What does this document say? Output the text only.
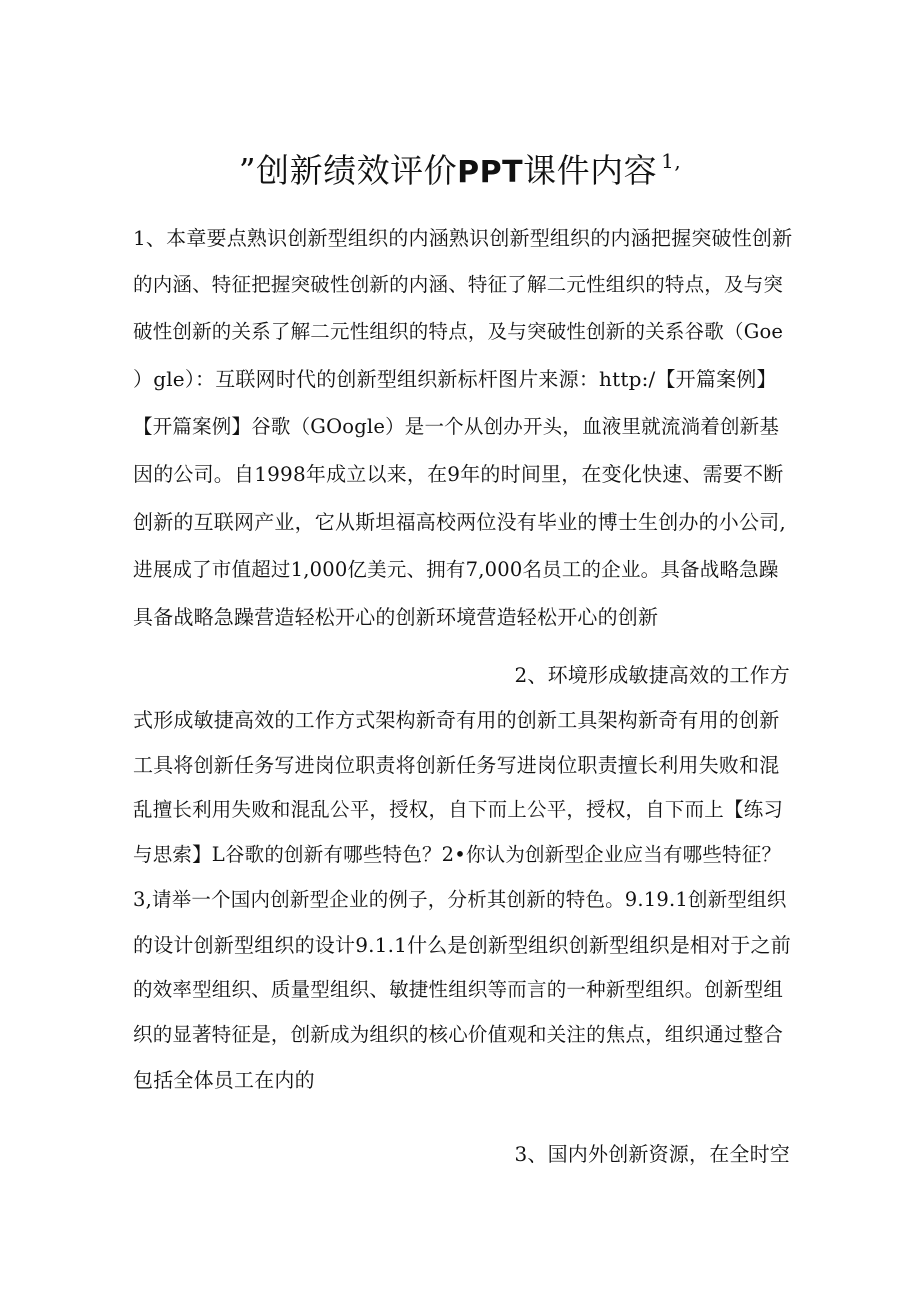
”创新绩效评价PPT课件内容 $^{1,}$
1、本章要点熟识创新型组织的内涵熟识创新型组织的内涵把握突破性创新
的内涵、特征把握突破性创新的内涵、特征了解二元性组织的特点，及与突
破性创新的关系了解二元性组织的特点，及与突破性创新的关系谷歌（Goe
）gle）：互联网时代的创新型组织新标杆图片来源：http:/【开篇案例】
【开篇案例】谷歌（GOogle）是一个从创办开头，血液里就流淌着创新基
因的公司。自1998年成立以来，在9年的时间里，在变化快速、需要不断
创新的互联网产业，它从斯坦福高校两位没有毕业的博士生创办的小公司,
进展成了市值超过1,000亿美元、拥有7,000名员工的企业。具备战略急躁
具备战略急躁营造轻松开心的创新环境营造轻松开心的创新
2、环境形成敏捷高效的工作方
式形成敏捷高效的工作方式架构新奇有用的创新工具架构新奇有用的创新
工具将创新任务写进岗位职责将创新任务写进岗位职责擅长利用失败和混
乱擅长利用失败和混乱公平，授权，自下而上公平，授权，自下而上【练习
与思索】L谷歌的创新有哪些特色？2•你认为创新型企业应当有哪些特征？
3,请举一个国内创新型企业的例子，分析其创新的特色。9.19.1创新型组织
的设计创新型组织的设计9.1.1什么是创新型组织创新型组织是相对于之前
的效率型组织、质量型组织、敏捷性组织等而言的一种新型组织。创新型组
织的显著特征是，创新成为组织的核心价值观和关注的焦点，组织通过整合
包括全体员工在内的
3、国内外创新资源，在全时空
